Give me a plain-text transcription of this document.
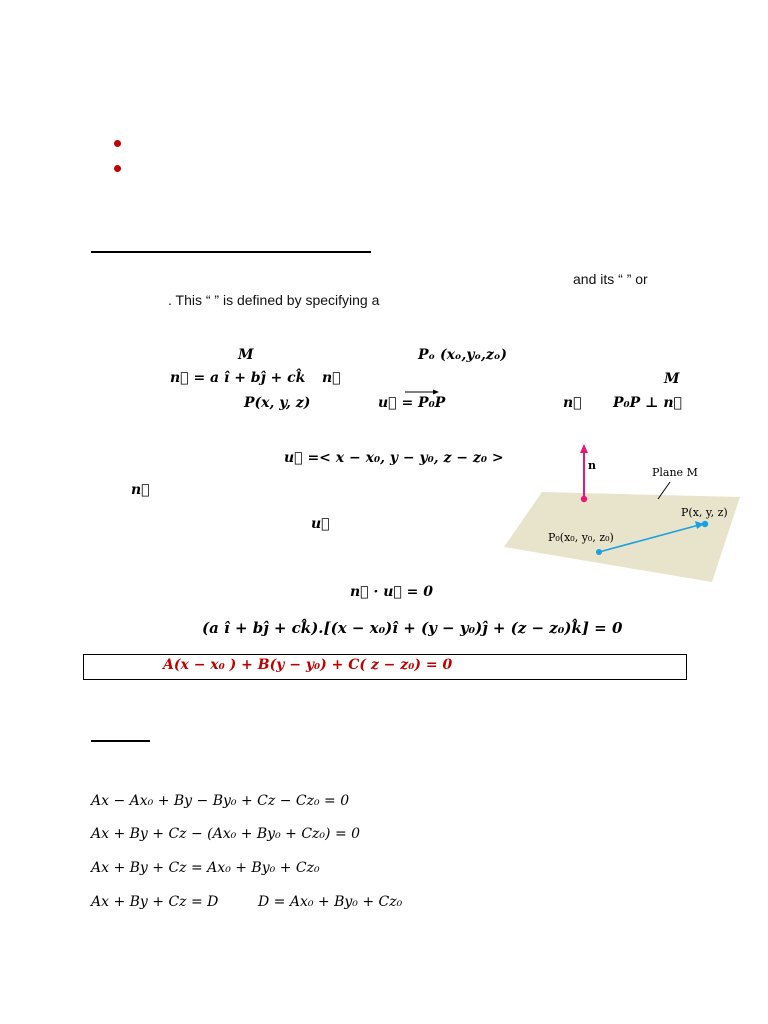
and its “ ” or
. This “ ” is defined by specifying a
M	Pₒ (xₒ,yₒ,zₒ)
n⃗ = a î + bĵ + ck̂ n⃗	M
P(x, y, z)	u⃗ = P₀P	n⃗ P₀P ⊥ n⃗
u⃗ =< x − x₀, y − y₀, z − z₀ >
n⃗
u⃗
n
Plane M
P(x, y, z)
P₀(x₀, y₀, z₀)
n⃗ · u⃗ = 0
(a î + bĵ + ck̂).[(x − x₀)î + (y − y₀)ĵ + (z − z₀)k̂] = 0
A(x − x₀ ) + B(y − y₀) + C( z − z₀) = 0
Ax − Ax₀ + By − By₀ + Cz − Cz₀ = 0
Ax + By + Cz − (Ax₀ + By₀ + Cz₀) = 0
Ax + By + Cz = Ax₀ + By₀ + Cz₀
Ax + By + Cz = D	D = Ax₀ + By₀ + Cz₀
